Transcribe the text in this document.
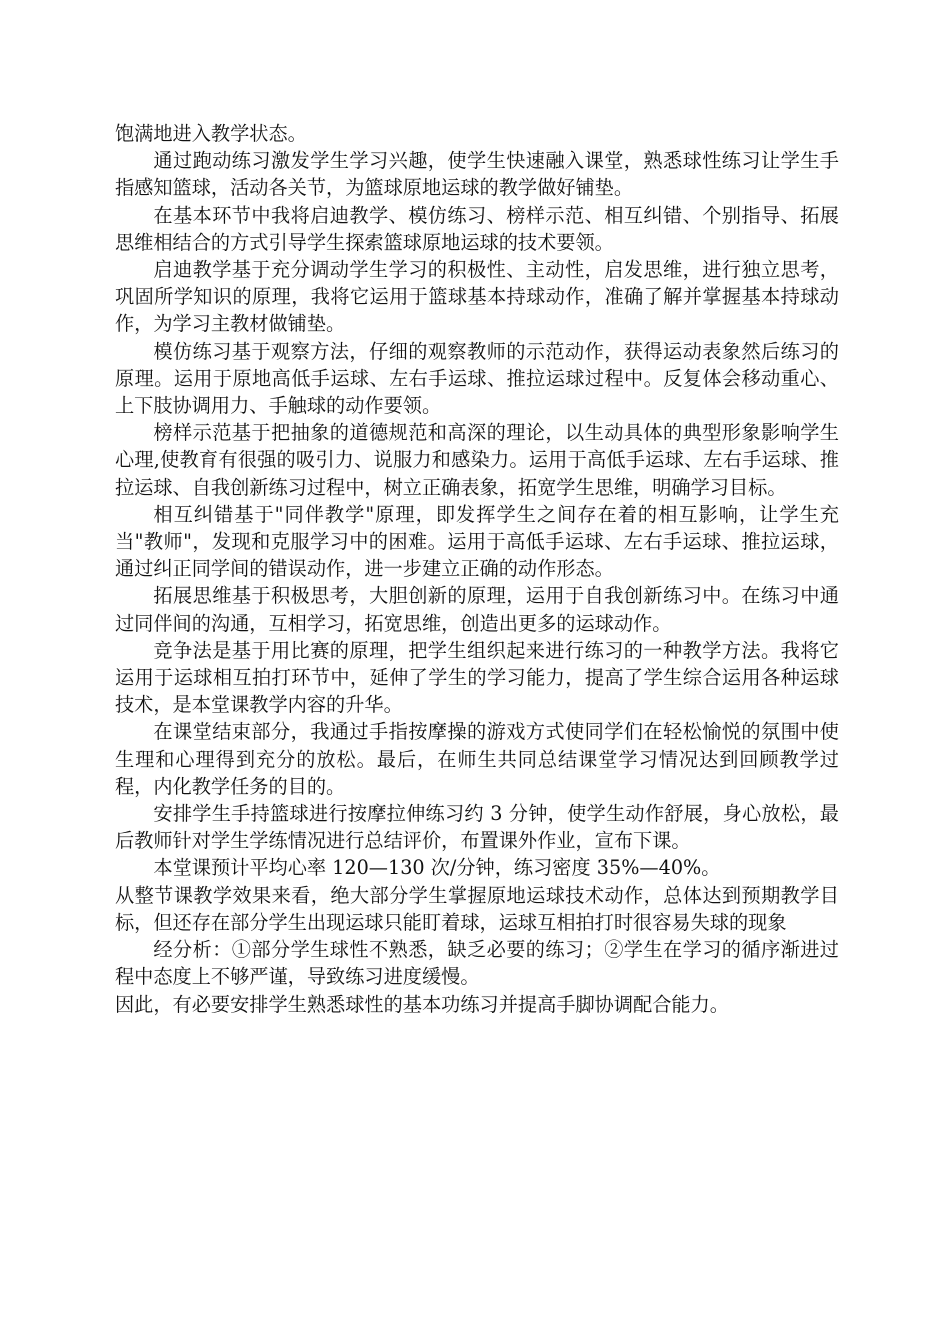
饱满地进入教学状态。

通过跑动练习激发学生学习兴趣，使学生快速融入课堂，熟悉球性练习让学生手指感知篮球，活动各关节，为篮球原地运球的教学做好铺垫。

在基本环节中我将启迪教学、模仿练习、榜样示范、相互纠错、个别指导、拓展思维相结合的方式引导学生探索篮球原地运球的技术要领。

启迪教学基于充分调动学生学习的积极性、主动性，启发思维，进行独立思考，巩固所学知识的原理，我将它运用于篮球基本持球动作，准确了解并掌握基本持球动作，为学习主教材做铺垫。

模仿练习基于观察方法，仔细的观察教师的示范动作，获得运动表象然后练习的原理。运用于原地高低手运球、左右手运球、推拉运球过程中。反复体会移动重心、上下肢协调用力、手触球的动作要领。

榜样示范基于把抽象的道德规范和高深的理论，以生动具体的典型形象影响学生心理,使教育有很强的吸引力、说服力和感染力。运用于高低手运球、左右手运球、推拉运球、自我创新练习过程中，树立正确表象，拓宽学生思维，明确学习目标。

相互纠错基于"同伴教学"原理，即发挥学生之间存在着的相互影响，让学生充当"教师"，发现和克服学习中的困难。运用于高低手运球、左右手运球、推拉运球，通过纠正同学间的错误动作，进一步建立正确的动作形态。

拓展思维基于积极思考，大胆创新的原理，运用于自我创新练习中。在练习中通过同伴间的沟通，互相学习，拓宽思维，创造出更多的运球动作。

竞争法是基于用比赛的原理，把学生组织起来进行练习的一种教学方法。我将它运用于运球相互拍打环节中，延伸了学生的学习能力，提高了学生综合运用各种运球技术，是本堂课教学内容的升华。

在课堂结束部分，我通过手指按摩操的游戏方式使同学们在轻松愉悦的氛围中使生理和心理得到充分的放松。最后，在师生共同总结课堂学习情况达到回顾教学过程，内化教学任务的目的。

安排学生手持篮球进行按摩拉伸练习约 3 分钟，使学生动作舒展，身心放松，最后教师针对学生学练情况进行总结评价，布置课外作业，宣布下课。

本堂课预计平均心率 120—130 次/分钟，练习密度 35%—40%。

从整节课教学效果来看，绝大部分学生掌握原地运球技术动作，总体达到预期教学目标，但还存在部分学生出现运球只能盯着球，运球互相拍打时很容易失球的现象

经分析：①部分学生球性不熟悉，缺乏必要的练习；②学生在学习的循序渐进过程中态度上不够严谨，导致练习进度缓慢。

因此，有必要安排学生熟悉球性的基本功练习并提高手脚协调配合能力。
